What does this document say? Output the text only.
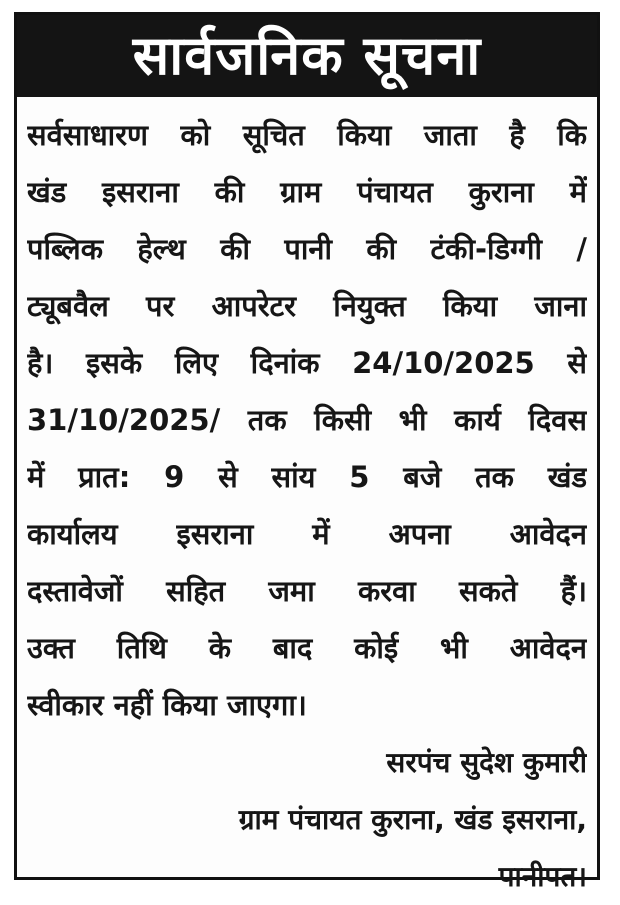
सार्वजनिक सूचना
सर्वसाधारण को सूचित किया जाता है कि
खंड इसराना की ग्राम पंचायत कुराना में
पब्लिक हेल्थ की पानी की टंकी-डिग्गी /
ट्यूबवैल पर आपरेटर नियुक्त किया जाना
है। इसके लिए दिनांक 24/10/2025 से
31/10/2025/ तक किसी भी कार्य दिवस
में प्रात: 9 से सांय 5 बजे तक खंड
कार्यालय इसराना में अपना आवेदन
दस्तावेजों सहित जमा करवा सकते हैं।
उक्त तिथि के बाद कोई भी आवेदन
स्वीकार नहीं किया जाएगा।
सरपंच सुदेश कुमारी
ग्राम पंचायत कुराना, खंड इसराना,
पानीपत।
